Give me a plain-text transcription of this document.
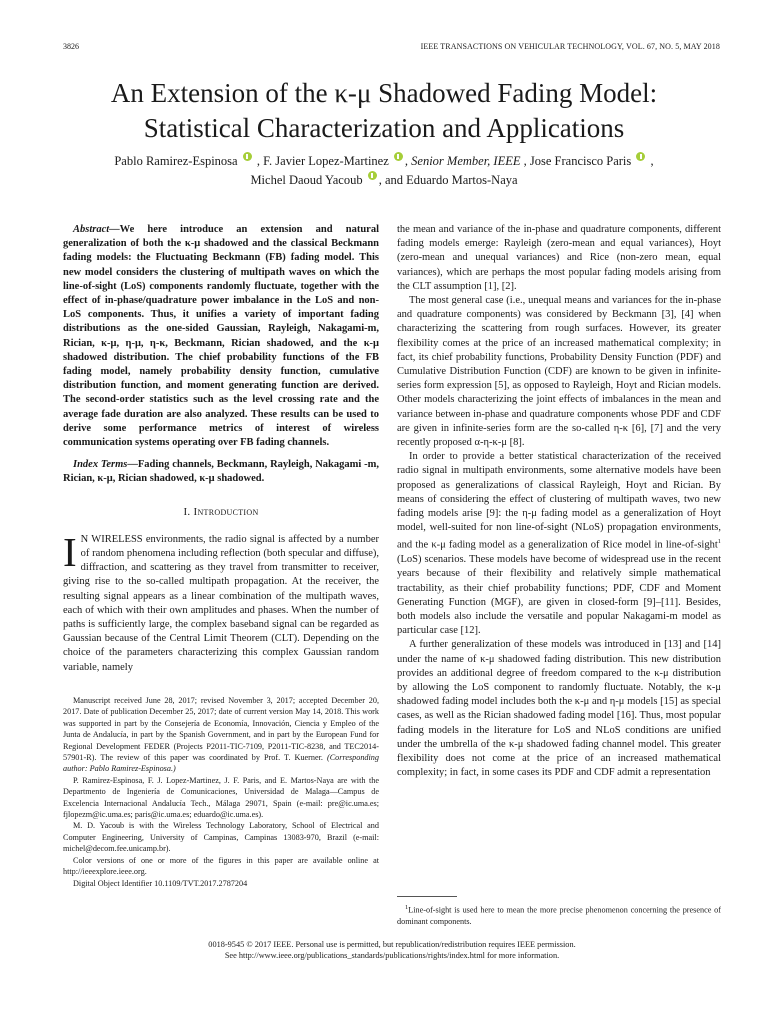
3826	IEEE TRANSACTIONS ON VEHICULAR TECHNOLOGY, VOL. 67, NO. 5, MAY 2018
An Extension of the κ-μ Shadowed Fading Model:
Statistical Characterization and Applications
Pablo Ramirez-Espinosa , F. Javier Lopez-Martinez , Senior Member, IEEE , Jose Francisco Paris  ,
Michel Daoud Yacoub , and Eduardo Martos-Naya

Abstract—We here introduce an extension and natural generalization of both the κ-μ shadowed and the classical Beckmann fading models: the Fluctuating Beckmann (FB) fading model. This new model considers the clustering of multipath waves on which the line-of-sight (LoS) components randomly fluctuate, together with the effect of in-phase/quadrature power imbalance in the LoS and non-LoS components. Thus, it unifies a variety of important fading distributions as the one-sided Gaussian, Rayleigh, Nakagami-m, Rician, κ-μ, η-μ, η-κ, Beckmann, Rician shadowed, and the κ-μ shadowed distribution. The chief probability functions of the FB fading model, namely probability density function, cumulative distribution function, and moment generating function are derived. The second-order statistics such as the level crossing rate and the average fade duration are also analyzed. These results can be used to derive some performance metrics of interest of wireless communication systems operating over FB fading channels.

Index Terms—Fading channels, Beckmann, Rayleigh, Nakagami -m, Rician, κ-μ, Rician shadowed, κ-μ shadowed.

I. Introduction

I N WIRELESS environments, the radio signal is affected by a number of random phenomena including reflection (both specular and diffuse), diffraction, and scattering as they travel from transmitter to receiver, giving rise to the so-called multipath propagation. At the receiver, the resulting signal appears as a linear combination of the multipath waves, each of which with their own amplitudes and phases. When the number of paths is sufficiently large, the complex baseband signal can be regarded as Gaussian because of the Central Limit Theorem (CLT). Depending on the choice of the parameters characterizing this complex Gaussian random variable, namely

Manuscript received June 28, 2017; revised November 3, 2017; accepted December 20, 2017. Date of publication December 25, 2017; date of current version May 14, 2018. This work was supported in part by the Consejería de Economía, Innovación, Ciencia y Empleo of the Junta de Andalucía, in part by the Spanish Government, and in part by the European Fund for Regional Development FEDER (Projects P2011-TIC-7109, P2011-TIC-8238, and TEC2014-57901-R). The review of this paper was coordinated by Prof. T. Kuerner. (Corresponding author: Pablo Ramirez-Espinosa.)

P. Ramirez-Espinosa, F. J. Lopez-Martinez, J. F. Paris, and E. Martos-Naya are with the Departmento de Ingeniería de Comunicaciones, Universidad de Malaga—Campus de Excelencia Internacional Andalucía Tech., Málaga 29071, Spain (e-mail: pre@ic.uma.es; fjlopezm@ic.uma.es; paris@ic.uma.es; eduardo@ic.uma.es).

M. D. Yacoub is with the Wireless Technology Laboratory, School of Electrical and Computer Engineering, University of Campinas, Campinas 13083-970, Brazil (e-mail: michel@decom.fee.unicamp.br).

Color versions of one or more of the figures in this paper are available online at http://ieeexplore.ieee.org.

Digital Object Identifier 10.1109/TVT.2017.2787204

the mean and variance of the in-phase and quadrature components, different fading models emerge: Rayleigh (zero-mean and equal variances), Hoyt (zero-mean and unequal variances) and Rice (non-zero mean, equal variances), which are perhaps the most popular fading models arising from the CLT assumption [1], [2].

The most general case (i.e., unequal means and variances for the in-phase and quadrature components) was considered by Beckmann [3], [4] when characterizing the scattering from rough surfaces. However, its greater flexibility comes at the price of an increased mathematical complexity; in fact, its chief probability functions, Probability Density Function (PDF) and Cumulative Distribution Function (CDF) are known to be given in infinite-series form expression [5], as opposed to Rayleigh, Hoyt and Rician models. Other models characterizing the joint effects of imbalances in the mean and variance between in-phase and quadrature components whose PDF and CDF are given in infinite-series form are the so-called η-κ [6], [7] and the very recently proposed α-η-κ-μ [8].

In order to provide a better statistical characterization of the received radio signal in multipath environments, some alternative models have been proposed as generalizations of classical Rayleigh, Hoyt and Rician. By means of considering the effect of clustering of multipath waves, two new fading models arise [9]: the η-μ fading model as a generalization of Hoyt model, well-suited for non line-of-sight (NLoS) propagation environments, and the κ-μ fading model as a generalization of Rice model in line-of-sight$^1$ (LoS) scenarios. These models have become of widespread use in the recent years because of their flexibility and relatively simple mathematical tractability, as their chief probability functions; PDF, CDF and Moment Generating Function (MGF), are given in closed-form [9]–[11]. Besides, both models also include the versatile and popular Nakagami-m model as particular case [12].

A further generalization of these models was introduced in [13] and [14] under the name of κ-μ shadowed fading distribution. This new distribution provides an additional degree of freedom compared to the κ-μ distribution by allowing the LoS component to randomly fluctuate. Notably, the κ-μ shadowed fading model includes both the κ-μ and η-μ models [15] as special cases, as well as the Rician shadowed fading model [16]. Thus, most popular fading models in the literature for LoS and NLoS conditions are unified under the umbrella of the κ-μ shadowed fading channel model. This greater flexibility does not come at the price of an increased mathematical complexity; in fact, in some cases its PDF and CDF admit a representation

$^1$Line-of-sight is used here to mean the more precise phenomenon concerning the presence of dominant components.

0018-9545 © 2017 IEEE. Personal use is permitted, but republication/redistribution requires IEEE permission.
See http://www.ieee.org/publications_standards/publications/rights/index.html for more information.
